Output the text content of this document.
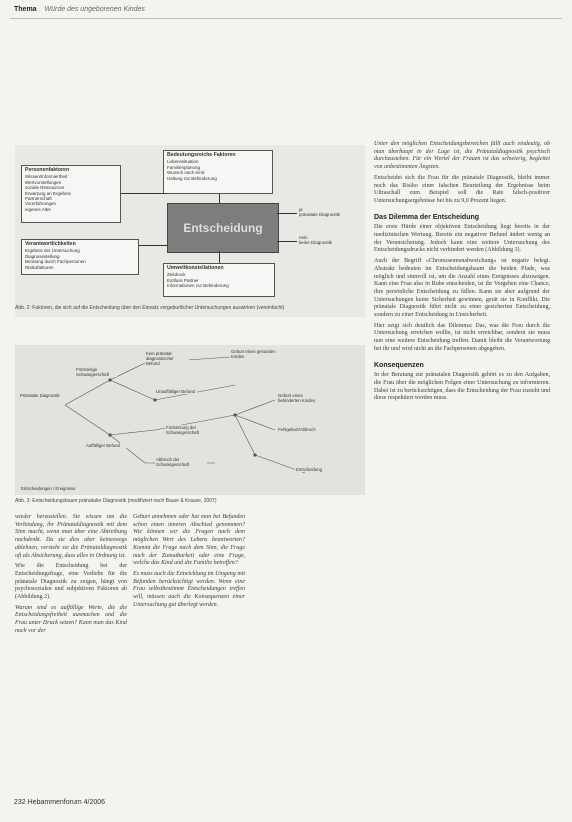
Thema Würde des ungeborenen Kindes
Personenfaktoren
Wissen/Informiertheit
Wertvorstellungen
soziale Ressourcen
Erwartung an Ergebnis
Partnerschaft
Vorerfahrungen
eigenes Alter
Bedeutungsreiche Faktoren
Lebenssituation
Familienplanung
Wunsch nach Kind
Haltung zur Behinderung
Verantwortlichkeiten
Ergebnis der Untersuchung
Diagnosestellung
Beratung durch Fachpersonen
Risikofaktoren	Umweltkonstellationen
Zeitdruck
Einfluss Partner
Informationen zur Behinderung
Entscheidung
ja
pränatale Diagnostik
nein
keine Diagnostik
Abb. 2: Faktoren, die sich auf die Entscheidung über den Einsatz vorgeburtlicher Untersuchungen auswirken (vereinfacht)
Pränatale Diagnostik
Frühzeitige Schwangerschaft
Auffälliger Befund
Kein pränatal-diagnostischer Befund
Unauffälliger Befund
Fortsetzung der Schwangerschaft
Geburt eines gesunden Kindes
Geburt eines behinderten Kindes
Fehlgeburt/Abbruch
Abbruch der Schwangerschaft
Entscheidung
Entscheidungen / Ereignisse
Abb. 3: Entscheidungsbaum pränataler Diagnostik (modifiziert nach Bauer & Krause, 2007)

wieder herzustellen. Sie wissen um die Verbindung, ihr Pränataldiagnostik mit dem Sinn macht, wenn man über eine Abtreibung nachdenkt. Da sie dies aber keineswegs ablehnen, versteht sie die Pränataldiagnostik oft als Absicherung, dass alles in Ordnung ist.

Wie die Entscheidung bei der Entscheidungsfrage, eine Vorliebe für die pränatale Diagnostik zu zeigen, hängt von psychosozialen und subjektiven Faktoren ab (Abbildung 2).

Warum sind es auffällige Werte, die die Entscheidungsfreiheit ausmachen und die Frau unter Druck setzen? Kann man das Kind noch vor der

Geburt annehmen oder hat man bei Befunden schon einen inneren Abschied genommen? Wie können wir die Fragen nach dem möglichen Wert des Lebens beantworten? Kommt die Frage nach dem Sinn, die Frage nach der Zumutbarkeit oder eine Frage, welche das Kind und die Familie betreffen?

Es muss auch die Entwicklung im Umgang mit Befunden berücksichtigt werden. Wenn eine Frau selbstbestimmt Entscheidungen treffen will, müssen auch die Konsequenzen einer Untersuchung gut überlegt werden.

Unter den möglichen Entscheidungsbereichen fällt auch eindeutig, ob man überhaupt in der Lage ist, die Pränataldiagnostik psychisch durchzustehen. Für ein Viertel der Frauen ist das schwierig, begleitet von unbestimmten Ängsten.

Entscheidet sich die Frau für die pränatale Diagnostik, bleibt immer noch das Risiko einer falschen Beurteilung der Ergebnisse beim Ultraschall zum Beispiel soll die Rate falsch-positiver Untersuchungsergebnisse bei bis zu 9,0 Prozent liegen.

Das Dilemma der Entscheidung

Die erste Hürde einer objektiven Entscheidung liegt bereits in der medizinischen Wertung. Bereits ein negativer Befund ändert wenig an der Verunsicherung. Jedoch kann eine weitere Untersuchung des Entscheidungsdrucks nicht verhindert werden (Abbildung 3).

Auch der Begriff «Chromosomenabweichung» ist negativ belegt. Abstrakt bedeuten im Entscheidungsbaum die beiden Pfade, was möglich und sinnvoll ist, um die Anzahl eines Ereignisses abzuwägen. Kann eine Frau also in Ruhe entscheiden, ist ihr Vorgehen eine Chance, ihre persönliche Entscheidung zu fällen. Kann sie aber aufgrund der Untersuchungen keine Sicherheit gewinnen, gerät sie in Konflikt. Die pränatale Diagnostik führt nicht zu einer gesicherten Entscheidung, sondern zu einer Entscheidung in Unsicherheit.

Hier zeigt sich deutlich das Dilemma: Das, was die Frau durch die Untersuchung erreichen wollte, ist nicht erreichbar, sondern sie muss nun eine weitere Entscheidung treffen. Damit bleibt die Verantwortung bei ihr und wird nicht an die Fachpersonen abgegeben.

Konsequenzen

In der Beratung zur pränatalen Diagnostik gehört es zu den Aufgaben, die Frau über die möglichen Folgen einer Untersuchung zu informieren. Dabei ist zu berücksichtigen, dass die Entscheidung der Frau zusteht und diese respektiert werden muss.

232 Hebammenforum 4/2006
